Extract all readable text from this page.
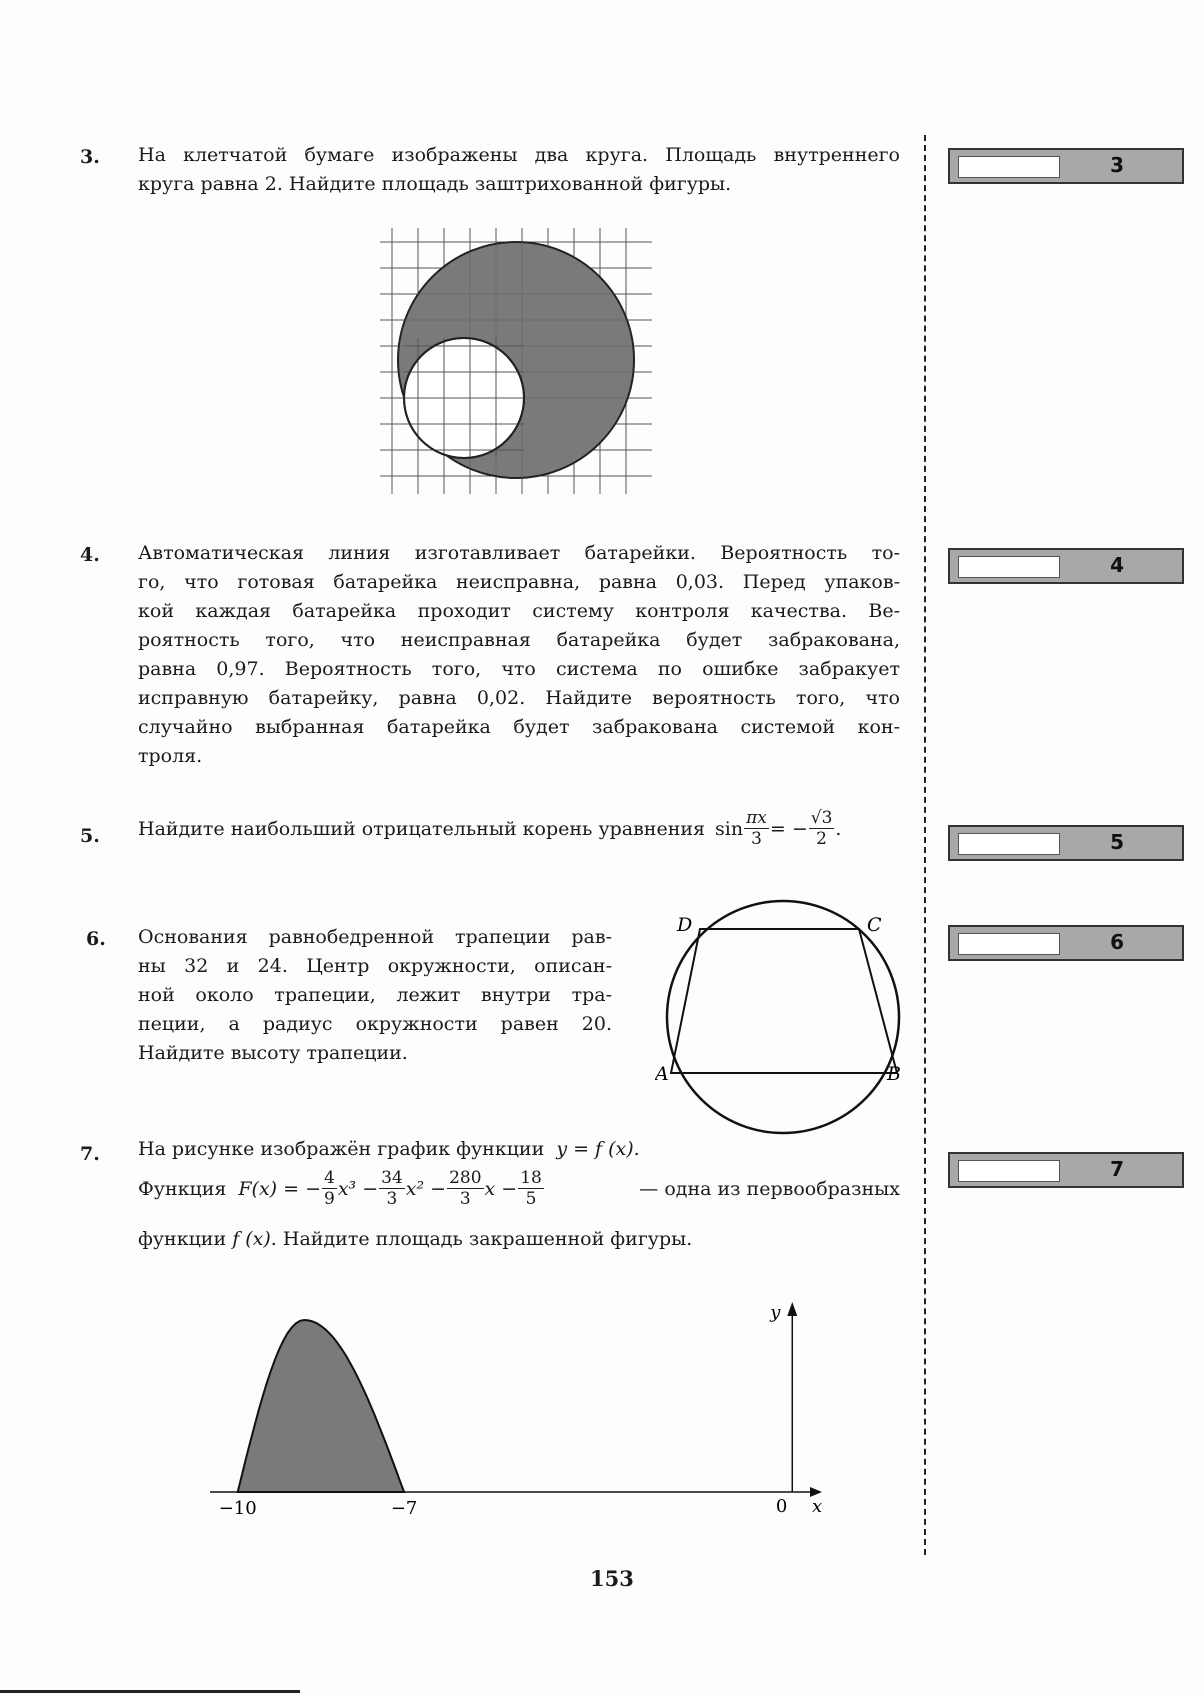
3. На клетчатой бумаге изображены два круга. Площадь внутреннего
круга равна 2. Найдите площадь заштрихованной фигуры.
4. Автоматическая линия изготавливает батарейки. Вероятность то-
го, что готовая батарейка неисправна, равна 0,03. Перед упаков-
кой каждая батарейка проходит систему контроля качества. Ве-
роятность того, что неисправная батарейка будет забракована,
равна 0,97. Вероятность того, что система по ошибке забракует
исправную батарейку, равна 0,02. Найдите вероятность того, что
случайно выбранная батарейка будет забракована системой кон-
троля.
5. Найдите наибольший отрицательный корень уравнения $\sin \frac{\pi x}{3}$ = − $\frac{√3}{2}$ .
6. Основания равнобедренной трапеции рав-
ны 32 и 24. Центр окружности, описан-
ной около трапеции, лежит внутри тра-
пеции, а радиус окружности равен 20.
Найдите высоту трапеции.
D	C
A	B
7. На рисунке изображён график функции y = f (x).
Функция F(x) = − $\frac{4}{9} x^3 - \frac{34}{3} x^2 - \frac{280}{3}$ $x - \frac{18}{5}$	— одна из первообразных
функции f (x). Найдите площадь закрашенной фигуры.
y
x
0
−10	−7
3
4
5
6
7
153
